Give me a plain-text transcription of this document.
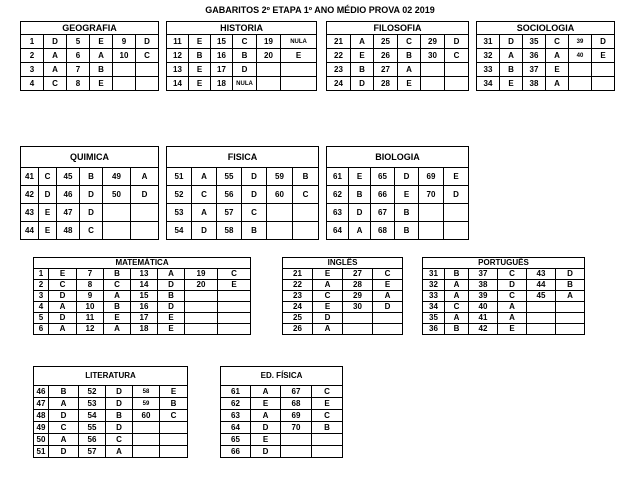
GABARITOS 2º ETAPA 1º ANO MÉDIO PROVA 02 2019
GEOGRAFIA					
1	D	5	E	9	D
2	A	6	A	10	C
3	A	7	B		
4	C	8	E		
HISTORIA					
11	E	15	C	19	NULA
12	B	16	B	20	E
13	E	17	D		
14	E	18	NULA		
FILOSOFIA					
21	A	25	C	29	D
22	E	26	B	30	C
23	B	27	A		
24	D	28	E		
SOCIOLOGIA					
31	D	35	C	39	D
32	A	36	A	40	E
33	B	37	E		
34	E	38	A		
QUIMICA					
41	C	45	B	49	A
42	D	46	D	50	D
43	E	47	D		
44	E	48	C		
FISICA					
51	A	55	D	59	B
52	C	56	D	60	C
53	A	57	C		
54	D	58	B		
BIOLOGIA					
61	E	65	D	69	E
62	B	66	E	70	D
63	D	67	B		
64	A	68	B		
MATEMÁTICA							
1	E	7	B	13	A	19	C
2	C	8	C	14	D	20	E
3	D	9	A	15	B		
4	A	10	B	16	D		
5	D	11	E	17	E		
6	A	12	A	18	E		
INGLÊS			
21	E	27	C
22	A	28	E
23	C	29	A
24	E	30	D
25	D		
26	A		
PORTUGUÊS					
31	B	37	C	43	D
32	A	38	D	44	B
33	A	39	C	45	A
34	C	40	A		
35	A	41	A		
36	B	42	E		
LITERATURA					
46	B	52	D	58	E
47	A	53	D	59	B
48	D	54	B	60	C
49	C	55	D		
50	A	56	C		
51	D	57	A		
ED. FÍSICA			
61	A	67	C
62	E	68	E
63	A	69	C
64	D	70	B
65	E		
66	D		
